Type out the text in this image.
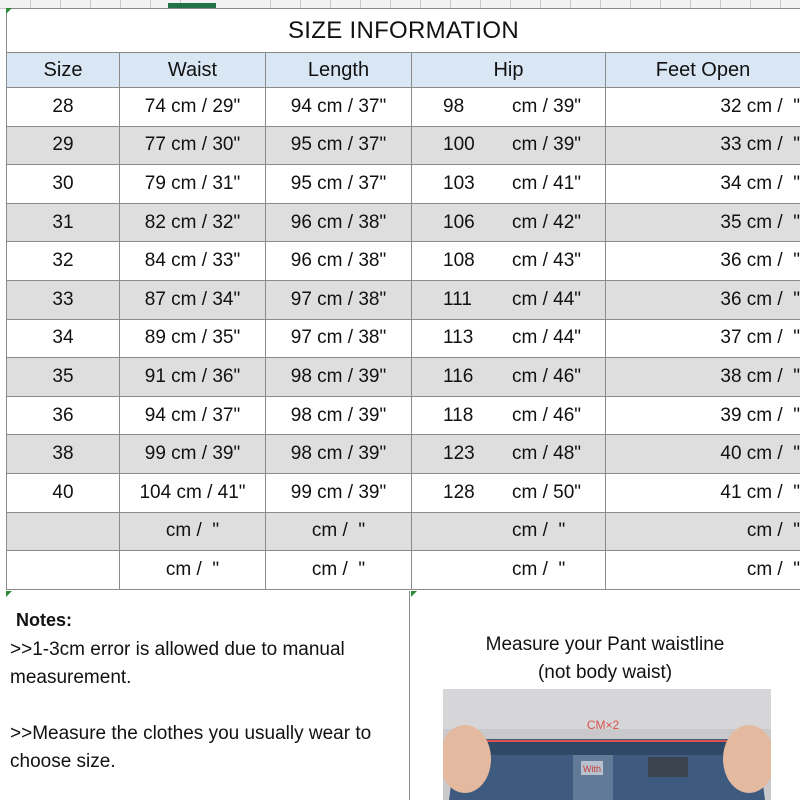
SIZE INFORMATION				
Size	Waist	Length	Hip	Feet Open
28	74 cm / 29"	94 cm / 37"	98 cm / 39"	32 cm /  "
29	77 cm / 30"	95 cm / 37"	100 cm / 39"	33 cm /  "
30	79 cm / 31"	95 cm / 37"	103 cm / 41"	34 cm /  "
31	82 cm / 32"	96 cm / 38"	106 cm / 42"	35 cm /  "
32	84 cm / 33"	96 cm / 38"	108 cm / 43"	36 cm /  "
33	87 cm / 34"	97 cm / 38"	111 cm / 44"	36 cm /  "
34	89 cm / 35"	97 cm / 38"	113 cm / 44"	37 cm /  "
35	91 cm / 36"	98 cm / 39"	116 cm / 46"	38 cm /  "
36	94 cm / 37"	98 cm / 39"	118 cm / 46"	39 cm /  "
38	99 cm / 39"	98 cm / 39"	123 cm / 48"	40 cm /  "
40	104 cm / 41"	99 cm / 39"	128 cm / 50"	41 cm /  "
	cm /  "	cm /  "	cm /  "	cm /  "
	cm /  "	cm /  "	cm /  "	cm /  "
Notes:
>>1-3cm error is allowed due to manual
measurement.
>>Measure the clothes you usually wear to
choose size.
Measure your Pant waistline
(not body waist)
With
CM×2
